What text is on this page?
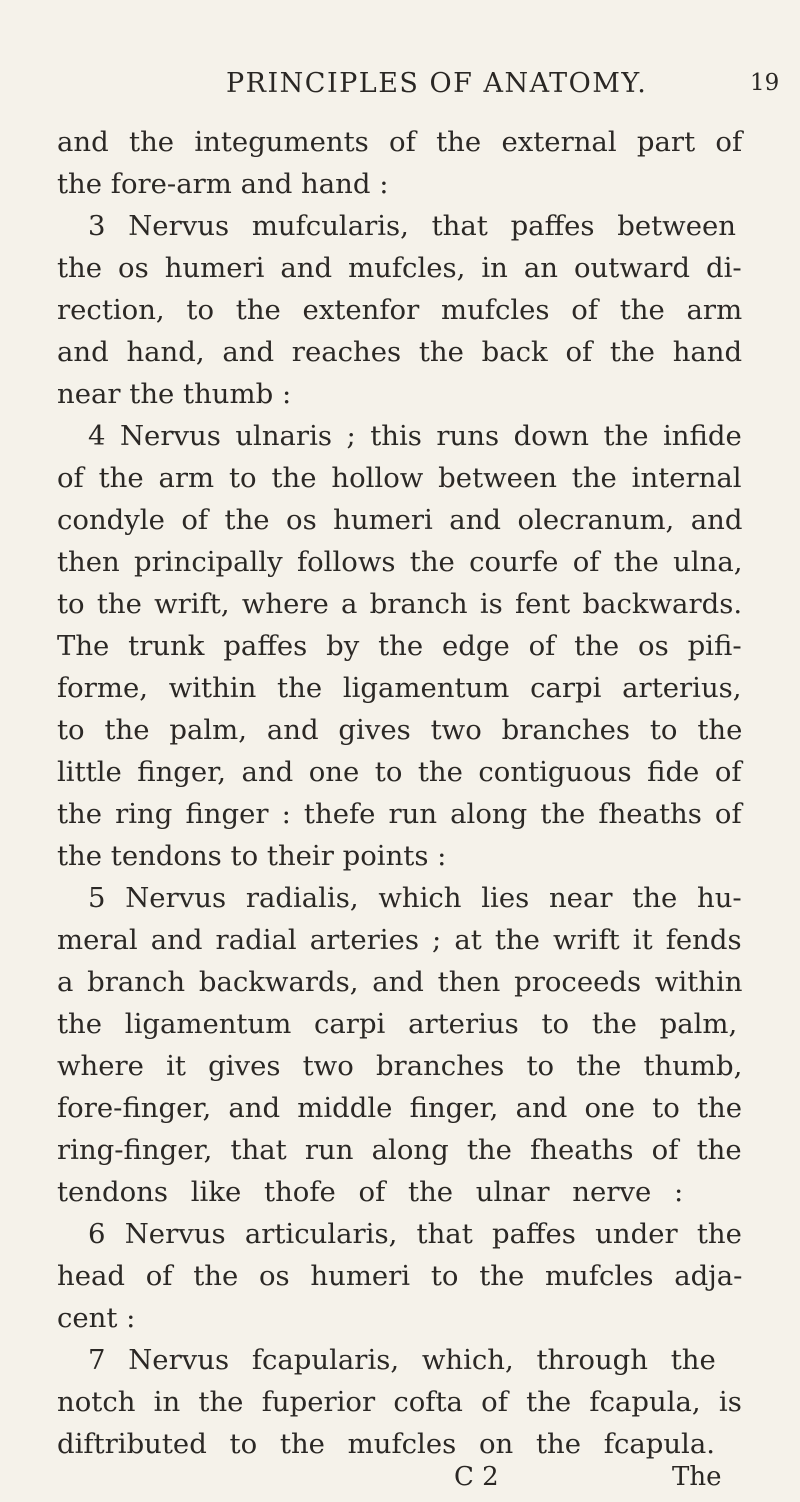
PRINCIPLES OF ANATOMY.	19
and the integuments of the external part of
the fore-arm and hand :
3 Nervus mufcularis, that paffes between
the os humeri and mufcles, in an outward di-
rection, to the extenfor mufcles of the arm
and hand, and reaches the back of the hand
near the thumb :
4 Nervus ulnaris ; this runs down the infide
of the arm to the hollow between the internal
condyle of the os humeri and olecranum, and
then principally follows the courfe of the ulna,
to the wrift, where a branch is fent backwards.
The trunk paffes by the edge of the os pifi-
forme, within the ligamentum carpi arterius,
to the palm, and gives two branches to the
little finger, and one to the contiguous fide of
the ring finger : thefe run along the fheaths of
the tendons to their points :
5 Nervus radialis, which lies near the hu-
meral and radial arteries ; at the wrift it fends
a branch backwards, and then proceeds within
the ligamentum carpi arterius to the palm,
where it gives two branches to the thumb,
fore-finger, and middle finger, and one to the
ring-finger, that run along the fheaths of the
tendons like thofe of the ulnar nerve :
6 Nervus articularis, that paffes under the
head of the os humeri to the mufcles adja-
cent :
7 Nervus fcapularis, which, through the
notch in the fuperior cofta of the fcapula, is
diftributed to the mufcles on the fcapula.
C 2	The
